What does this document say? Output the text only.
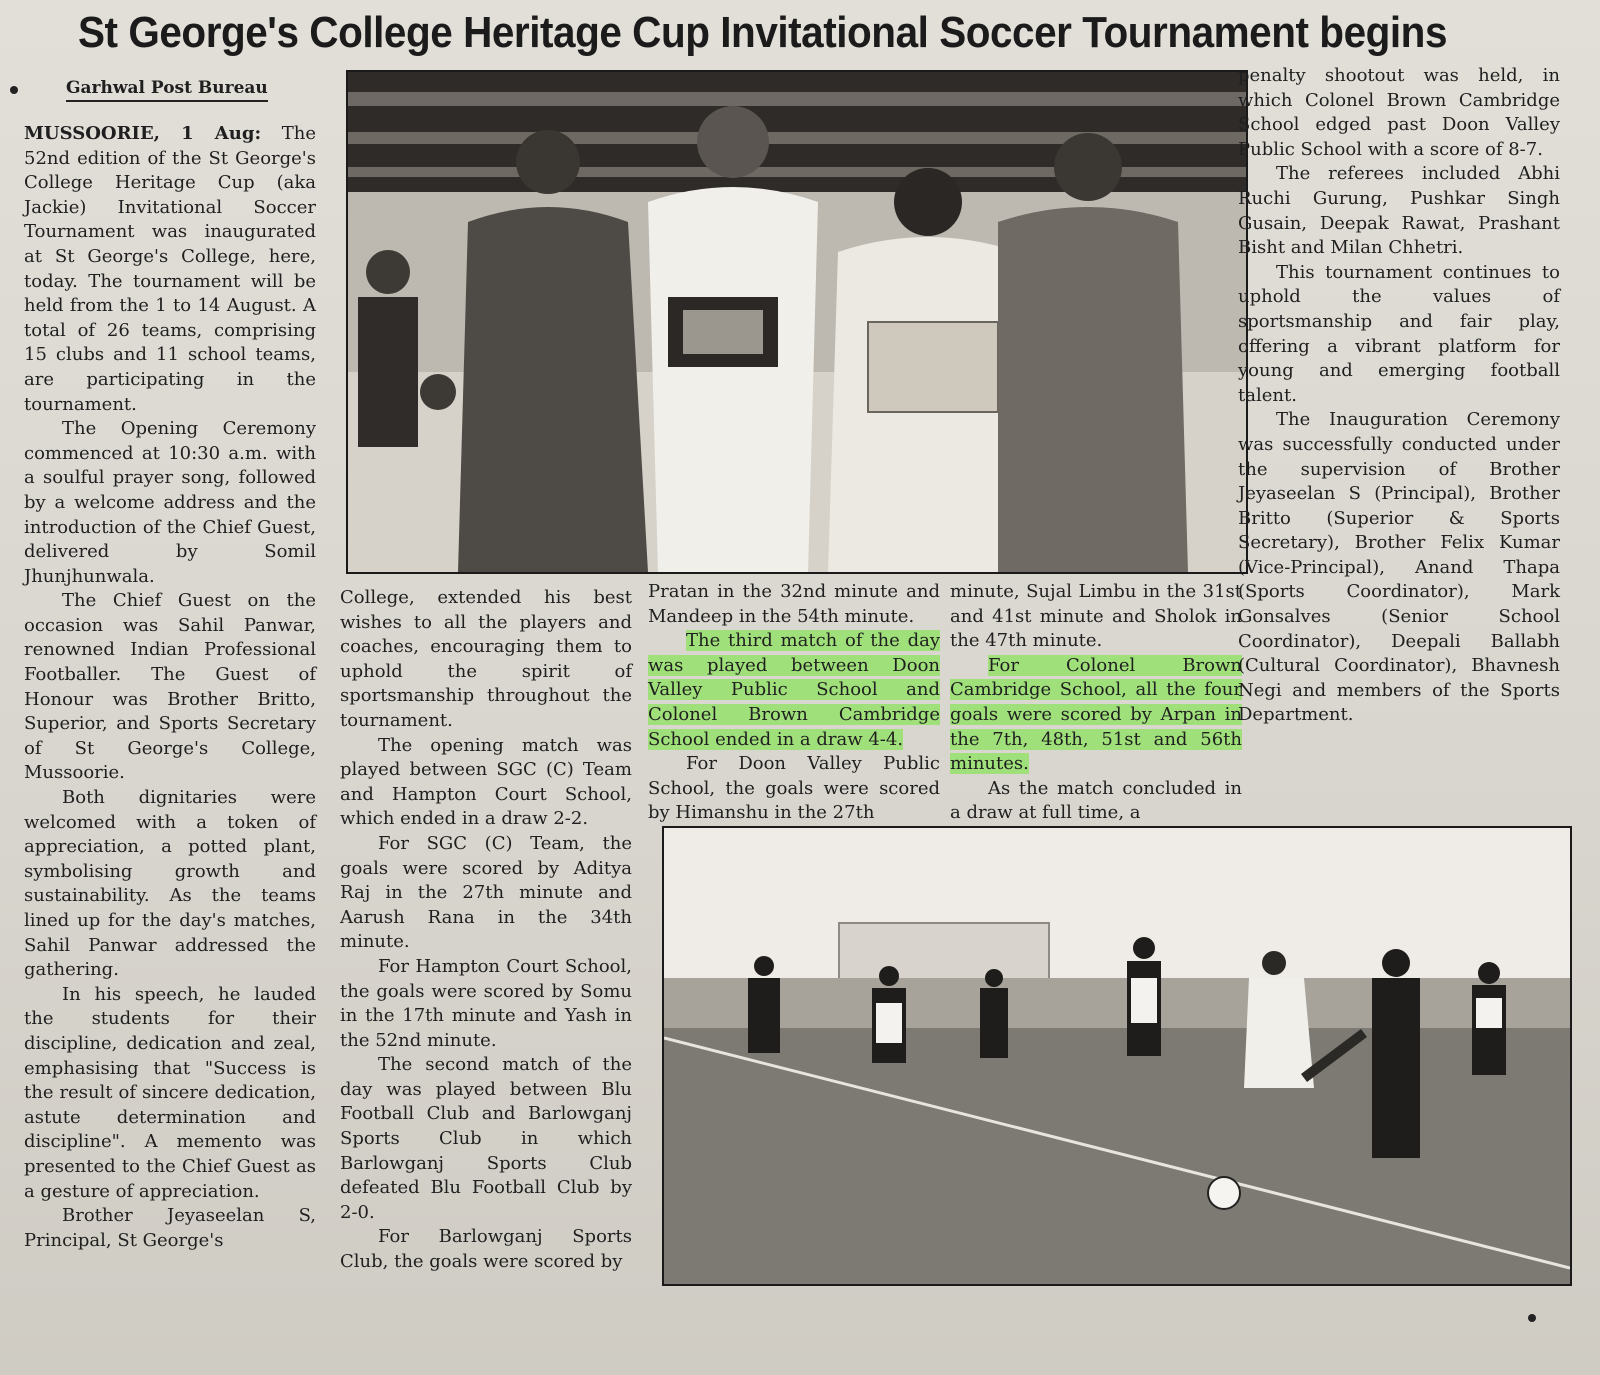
St George's College Heritage Cup Invitational Soccer Tournament begins
Garhwal Post Bureau

MUSSOORIE, 1 Aug: The 52nd edition of the St George's College Heritage Cup (aka Jackie) Invitational Soccer Tournament was inaugurated at St George's College, here, today. The tournament will be held from the 1 to 14 August. A total of 26 teams, comprising 15 clubs and 11 school teams, are participating in the tournament.

The Opening Ceremony commenced at 10:30 a.m. with a soulful prayer song, followed by a welcome address and the introduction of the Chief Guest, delivered by Somil Jhunjhunwala.

The Chief Guest on the occasion was Sahil Panwar, renowned Indian Professional Footballer. The Guest of Honour was Brother Britto, Superior, and Sports Secretary of St George's College, Mussoorie.

Both dignitaries were welcomed with a token of appreciation, a potted plant, symbolising growth and sustainability. As the teams lined up for the day's matches, Sahil Panwar addressed the gathering.

In his speech, he lauded the students for their discipline, dedication and zeal, emphasising that "Success is the result of sincere dedication, astute determination and discipline". A memento was presented to the Chief Guest as a gesture of appreciation.

Brother Jeyaseelan S, Principal, St George's

College, extended his best wishes to all the players and coaches, encouraging them to uphold the spirit of sportsmanship throughout the tournament.

The opening match was played between SGC (C) Team and Hampton Court School, which ended in a draw 2-2.

For SGC (C) Team, the goals were scored by Aditya Raj in the 27th minute and Aarush Rana in the 34th minute.

For Hampton Court School, the goals were scored by Somu in the 17th minute and Yash in the 52nd minute.

The second match of the day was played between Blu Football Club and Barlowganj Sports Club in which Barlowganj Sports Club defeated Blu Football Club by 2-0.

For Barlowganj Sports Club, the goals were scored by

Pratan in the 32nd minute and Mandeep in the 54th minute.

The third match of the day was played between Doon Valley Public School and Colonel Brown Cambridge School ended in a draw 4-4.

For Doon Valley Public School, the goals were scored by Himanshu in the 27th

minute, Sujal Limbu in the 31st and 41st minute and Sholok in the 47th minute.

For Colonel Brown Cambridge School, all the four goals were scored by Arpan in the 7th, 48th, 51st and 56th minutes.

As the match concluded in a draw at full time, a

penalty shootout was held, in which Colonel Brown Cambridge School edged past Doon Valley Public School with a score of 8-7.

The referees included Abhi Ruchi Gurung, Pushkar Singh Gusain, Deepak Rawat, Prashant Bisht and Milan Chhetri.

This tournament continues to uphold the values of sportsmanship and fair play, offering a vibrant platform for young and emerging football talent.

The Inauguration Ceremony was successfully conducted under the supervision of Brother Jeyaseelan S (Principal), Brother Britto (Superior & Sports Secretary), Brother Felix Kumar (Vice-Principal), Anand Thapa (Sports Coordinator), Mark Gonsalves (Senior School Coordinator), Deepali Ballabh (Cultural Coordinator), Bhavnesh Negi and members of the Sports Department.
